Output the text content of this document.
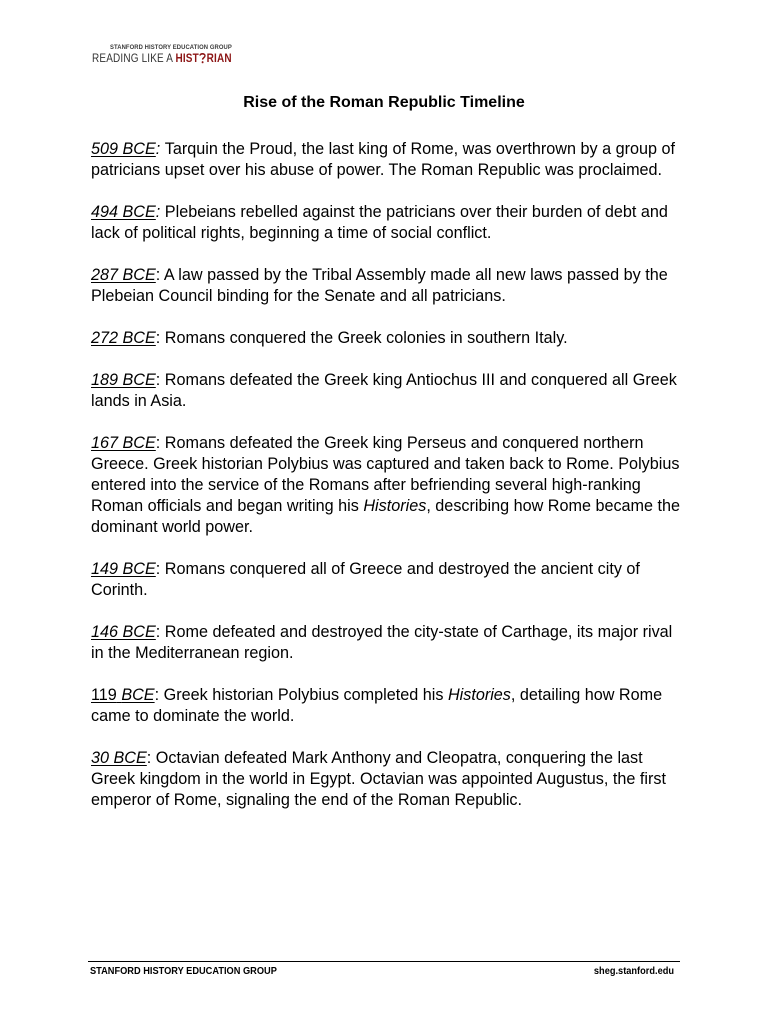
STANFORD HISTORY EDUCATION GROUP
READING LIKE A HIST RIAN
Rise of the Roman Republic Timeline
509 BCE: Tarquin the Proud, the last king of Rome, was overthrown by a group of patricians upset over his abuse of power. The Roman Republic was proclaimed.
494 BCE: Plebeians rebelled against the patricians over their burden of debt and lack of political rights, beginning a time of social conflict.
287 BCE: A law passed by the Tribal Assembly made all new laws passed by the Plebeian Council binding for the Senate and all patricians.
272 BCE: Romans conquered the Greek colonies in southern Italy.
189 BCE: Romans defeated the Greek king Antiochus III and conquered all Greek lands in Asia.
167 BCE: Romans defeated the Greek king Perseus and conquered northern Greece. Greek historian Polybius was captured and taken back to Rome. Polybius entered into the service of the Romans after befriending several high-ranking Roman officials and began writing his Histories, describing how Rome became the dominant world power.
149 BCE: Romans conquered all of Greece and destroyed the ancient city of Corinth.
146 BCE: Rome defeated and destroyed the city-state of Carthage, its major rival in the Mediterranean region.
119 BCE: Greek historian Polybius completed his Histories, detailing how Rome came to dominate the world.
30 BCE: Octavian defeated Mark Anthony and Cleopatra, conquering the last Greek kingdom in the world in Egypt. Octavian was appointed Augustus, the first emperor of Rome, signaling the end of the Roman Republic.
STANFORD HISTORY EDUCATION GROUP	sheg.stanford.edu
